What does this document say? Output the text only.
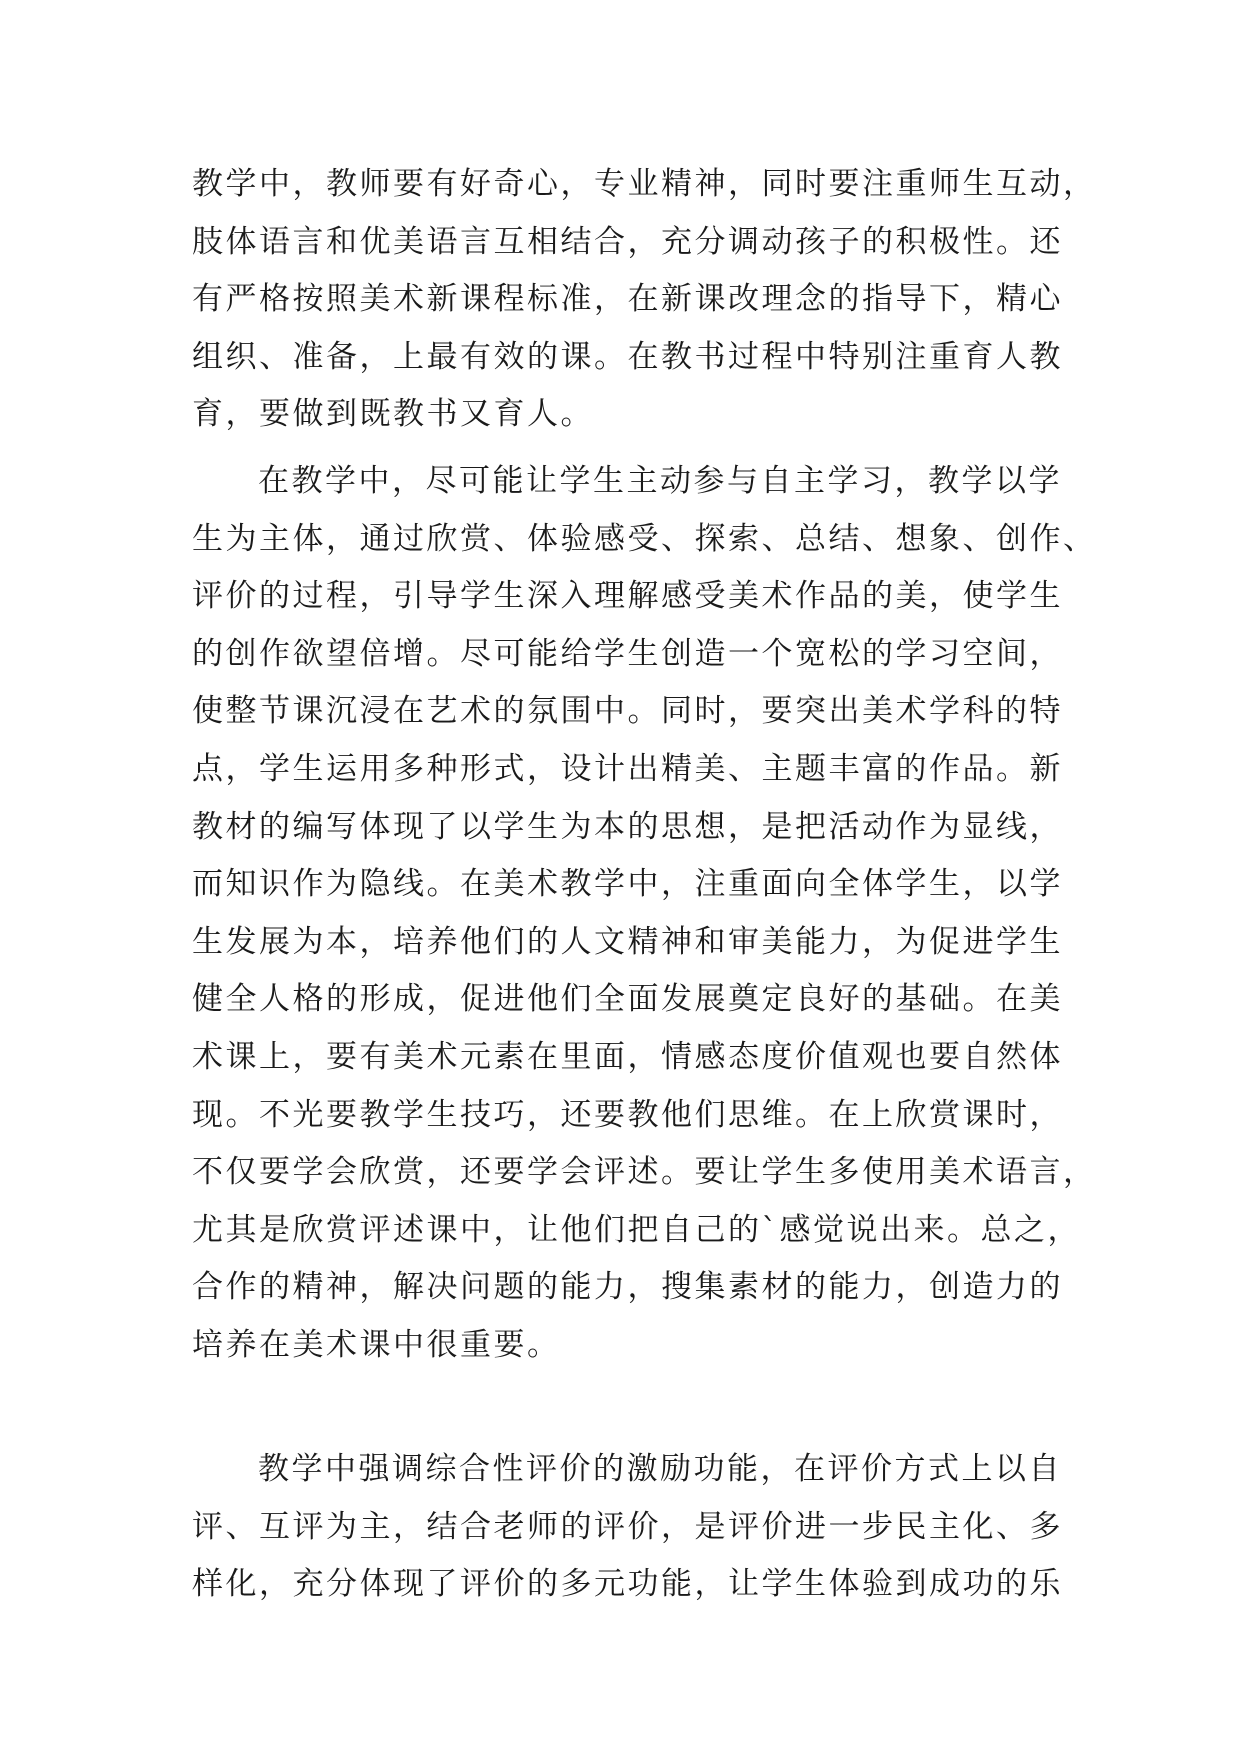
教学中，教师要有好奇心，专业精神，同时要注重师生互动，
肢体语言和优美语言互相结合，充分调动孩子的积极性。还
有严格按照美术新课程标准，在新课改理念的指导下，精心
组织、准备，上最有效的课。在教书过程中特别注重育人教
育，要做到既教书又育人。
在教学中，尽可能让学生主动参与自主学习，教学以学
生为主体，通过欣赏、体验感受、探索、总结、想象、创作、
评价的过程，引导学生深入理解感受美术作品的美，使学生
的创作欲望倍增。尽可能给学生创造一个宽松的学习空间，
使整节课沉浸在艺术的氛围中。同时，要突出美术学科的特
点，学生运用多种形式，设计出精美、主题丰富的作品。新
教材的编写体现了以学生为本的思想，是把活动作为显线，
而知识作为隐线。在美术教学中，注重面向全体学生，以学
生发展为本，培养他们的人文精神和审美能力，为促进学生
健全人格的形成，促进他们全面发展奠定良好的基础。在美
术课上，要有美术元素在里面，情感态度价值观也要自然体
现。不光要教学生技巧，还要教他们思维。在上欣赏课时，
不仅要学会欣赏，还要学会评述。要让学生多使用美术语言，
尤其是欣赏评述课中，让他们把自己的`感觉说出来。总之，
合作的精神，解决问题的能力，搜集素材的能力，创造力的
培养在美术课中很重要。
教学中强调综合性评价的激励功能，在评价方式上以自
评、互评为主，结合老师的评价，是评价进一步民主化、多
样化，充分体现了评价的多元功能，让学生体验到成功的乐
